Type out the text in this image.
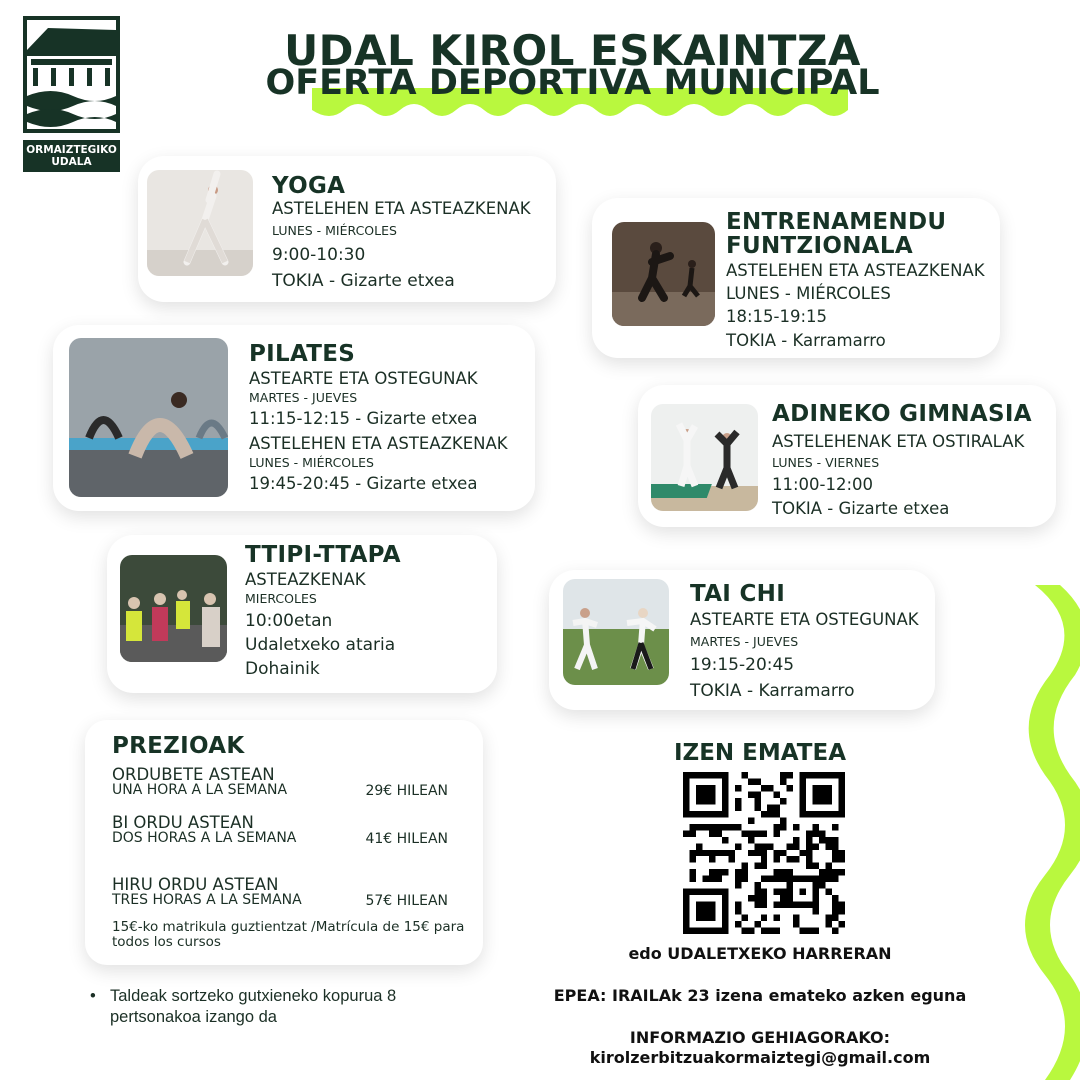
ORMAIZTEGIKO
UDALA
UDAL KIROL ESKAINTZA
OFERTA DEPORTIVA MUNICIPAL
YOGA
ASTELEHEN ETA ASTEAZKENAK
LUNES - MIÉRCOLES
9:00-10:30
TOKIA - Gizarte etxea
ENTRENAMENDU
FUNTZIONALA
ASTELEHEN ETA ASTEAZKENAK
LUNES - MIÉRCOLES
18:15-19:15
TOKIA - Karramarro
PILATES
ASTEARTE ETA OSTEGUNAK
MARTES - JUEVES
11:15-12:15 - Gizarte etxea
ASTELEHEN ETA ASTEAZKENAK
LUNES - MIÉRCOLES
19:45-20:45 - Gizarte etxea
ADINEKO GIMNASIA
ASTELEHENAK ETA OSTIRALAK
LUNES - VIERNES
11:00-12:00
TOKIA - Gizarte etxea
TTIPI-TTAPA
ASTEAZKENAK
MIERCOLES
10:00etan
Udaletxeko ataria
Dohainik
TAI CHI
ASTEARTE ETA OSTEGUNAK
MARTES - JUEVES
19:15-20:45
TOKIA - Karramarro
PREZIOAK
ORDUBETE ASTEAN
UNA HORA A LA SEMANA	29€ HILEAN
BI ORDU ASTEAN
DOS HORAS A LA SEMANA	41€ HILEAN
HIRU ORDU ASTEAN
TRES HORAS A LA SEMANA	57€ HILEAN
15€-ko matrikula guztientzat /Matrícula de 15€ para todos los cursos
• Taldeak sortzeko gutxieneko kopurua 8 pertsonakoa izango da
IZEN EMATEA
edo UDALETXEKO HARRERAN
EPEA: IRAILAk 23 izena emateko azken eguna
INFORMAZIO GEHIAGORAKO:
kirolzerbitzuakormaiztegi@gmail.com
